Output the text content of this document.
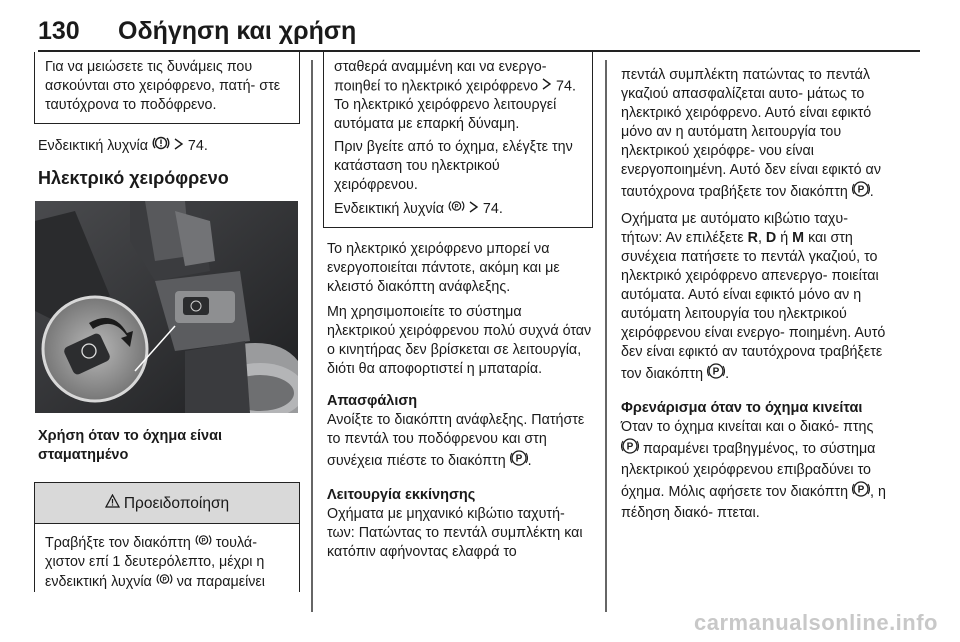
130	Οδήγηση και χρήση
Για να μειώσετε τις δυνάμεις που ασκούνται στο χειρόφρενο, πατή- στε ταυτόχρονα το ποδόφρενο.

Ενδεικτική λυχνία	74.

Ηλεκτρικό χειρόφρενο
Χρήση όταν το όχημα είναι σταματημένο
Προειδοποίηση
Τραβήξτε τον διακόπτη P τουλά- χιστον επί 1 δευτερόλεπτο, μέχρι η ενδεικτική λυχνία P να παραμείνει

σταθερά αναμμένη και να ενεργο- ποιηθεί το ηλεκτρικό χειρόφρενο 74. Το ηλεκτρικό χειρόφρενο λειτουργεί αυτόματα με επαρκή δύναμη.

Πριν βγείτε από το όχημα, ελέγξτε την κατάσταση του ηλεκτρικού χειρόφρενου.

Ενδεικτική λυχνία P 74.

Το ηλεκτρικό χειρόφρενο μπορεί να ενεργοποιείται πάντοτε, ακόμη και με κλειστό διακόπτη ανάφλεξης.

Μη χρησιμοποιείτε το σύστημα ηλεκτρικού χειρόφρενου πολύ συχνά όταν ο κινητήρας δεν βρίσκεται σε λειτουργία, διότι θα αποφορτιστεί η μπαταρία.

Απασφάλιση

Ανοίξτε το διακόπτη ανάφλεξης. Πατήστε το πεντάλ του ποδόφρενου και στη συνέχεια πιέστε το διακόπτη P .

Λειτουργία εκκίνησης

Οχήματα με μηχανικό κιβώτιο ταχυτή- των: Πατώντας το πεντάλ συμπλέκτη και κατόπιν αφήνοντας ελαφρά το

πεντάλ συμπλέκτη πατώντας το πεντάλ γκαζιού απασφαλίζεται αυτο- μάτως το ηλεκτρικό χειρόφρενο. Αυτό είναι εφικτό μόνο αν η αυτόματη λειτουργία του ηλεκτρικού χειρόφρε- νου είναι ενεργοποιημένη. Αυτό δεν είναι εφικτό αν ταυτόχρονα τραβήξετε τον διακόπτη P .

Οχήματα με αυτόματο κιβώτιο ταχυ- τήτων: Αν επιλέξετε R, D ή M και στη συνέχεια πατήσετε το πεντάλ γκαζιού, το ηλεκτρικό χειρόφρενο απενεργο- ποιείται αυτόματα. Αυτό είναι εφικτό μόνο αν η αυτόματη λειτουργία του ηλεκτρικού χειρόφρενου είναι ενεργο- ποιημένη. Αυτό δεν είναι εφικτό αν ταυτόχρονα τραβήξετε τον διακόπτη P .

Φρενάρισμα όταν το όχημα κινείται

Όταν το όχημα κινείται και ο διακό- πτης
P παραμένει τραβηγμένος, το σύστημα ηλεκτρικού χειρόφρενου επιβραδύνει το όχημα. Μόλις αφήσετε τον διακόπτη P , η πέδηση διακό- πτεται.

carmanualsonline.info
